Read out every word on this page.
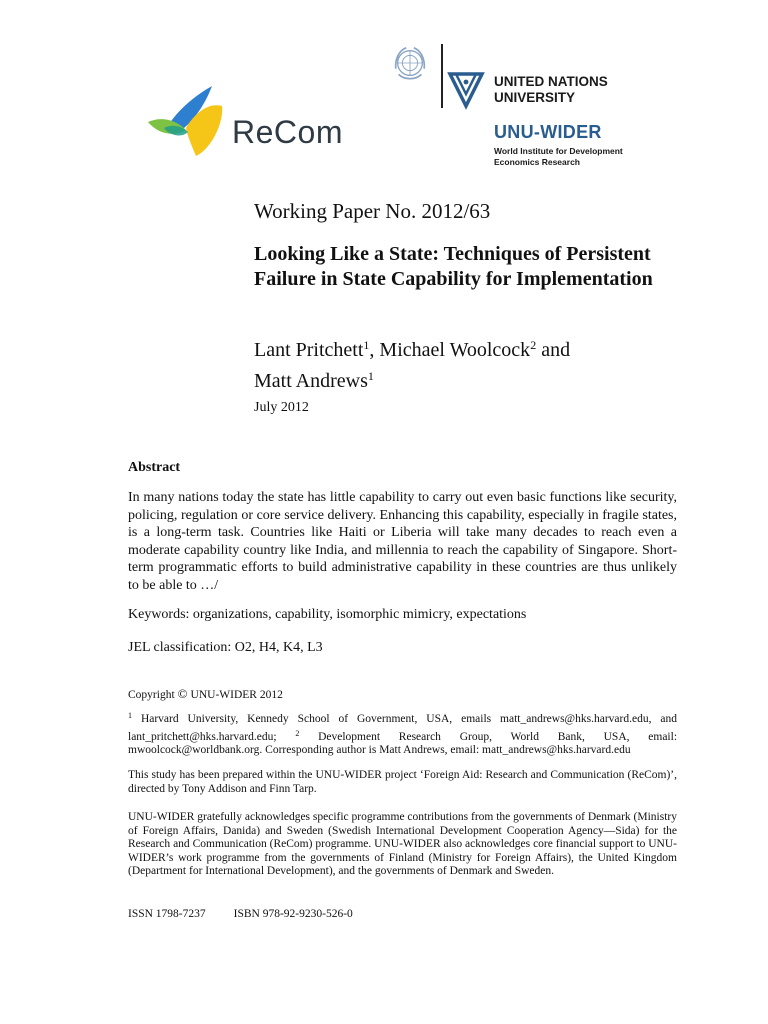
ReCom
UNITED NATIONS
UNIVERSITY
UNU-WIDER
World Institute for Development
Economics Research
Working Paper No. 2012/63
Looking Like a State: Techniques of Persistent Failure in State Capability for Implementation
Lant Pritchett$^1$, Michael Woolcock$^2$ and
Matt Andrews$^1$
July 2012
Abstract
In many nations today the state has little capability to carry out even basic functions like security, policing, regulation or core service delivery. Enhancing this capability, especially in fragile states, is a long-term task. Countries like Haiti or Liberia will take many decades to reach even a moderate capability country like India, and millennia to reach the capability of Singapore. Short-term programmatic efforts to build administrative capability in these countries are thus unlikely to be able to …/
Keywords: organizations, capability, isomorphic mimicry, expectations
JEL classification: O2, H4, K4, L3
Copyright © UNU-WIDER 2012
$^1$ Harvard University, Kennedy School of Government, USA, emails matt_andrews@hks.harvard.edu, and lant_pritchett@hks.harvard.edu; $^2$ Development Research Group, World Bank, USA, email: mwoolcock@worldbank.org. Corresponding author is Matt Andrews, email: matt_andrews@hks.harvard.edu
This study has been prepared within the UNU-WIDER project ‘Foreign Aid: Research and Communication (ReCom)’, directed by Tony Addison and Finn Tarp.
UNU-WIDER gratefully acknowledges specific programme contributions from the governments of Denmark (Ministry of Foreign Affairs, Danida) and Sweden (Swedish International Development Cooperation Agency—Sida) for the Research and Communication (ReCom) programme. UNU-WIDER also acknowledges core financial support to UNU-WIDER’s work programme from the governments of Finland (Ministry for Foreign Affairs), the United Kingdom (Department for International Development), and the governments of Denmark and Sweden.
ISSN 1798-7237 ISBN 978-92-9230-526-0
